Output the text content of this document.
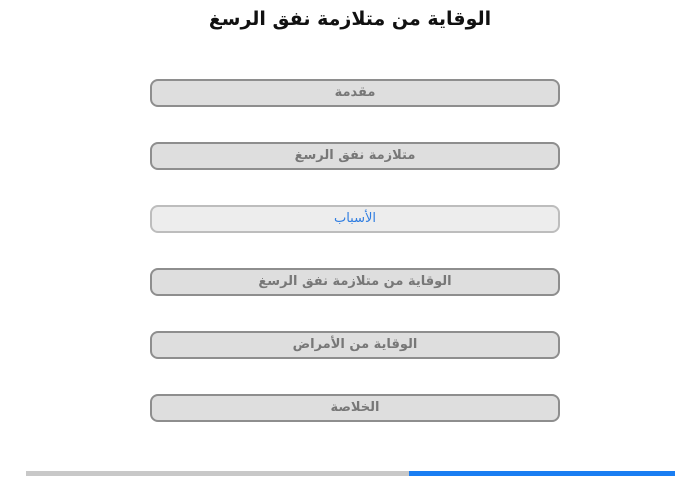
الوقاية من متلازمة نفق الرسغ
مقدمة
متلازمة نفق الرسغ
الأسباب
الوقاية من متلازمة نفق الرسغ
الوقاية من الأمراض
الخلاصة
